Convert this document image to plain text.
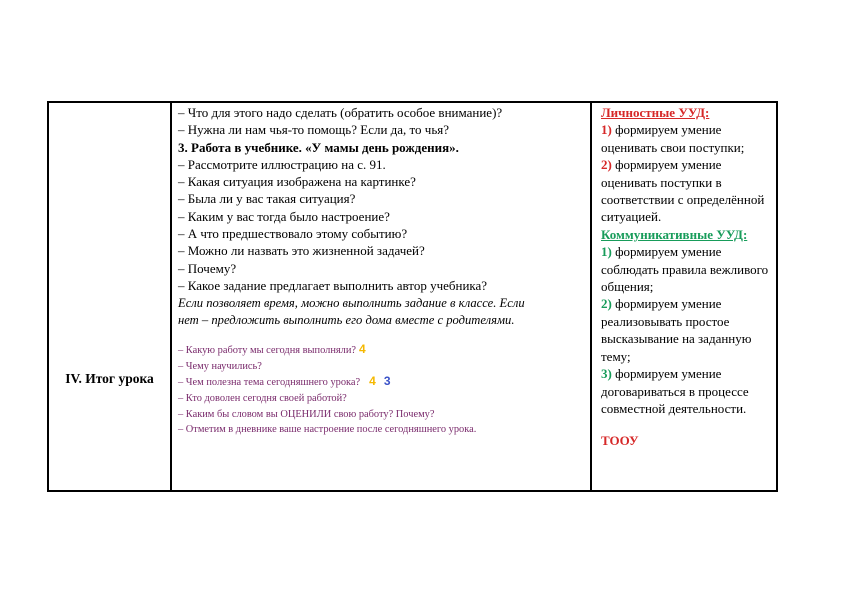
IV. Итог урока
– Что для этого надо сделать (обратить особое внимание)?
– Нужна ли нам чья-то помощь? Если да, то чья?
3. Работа в учебнике. «У мамы день рождения».
– Рассмотрите иллюстрацию на с. 91.
– Какая ситуация изображена на картинке?
– Была ли у вас такая ситуация?
– Каким у вас тогда было настроение?
– А что предшествовало этому событию?
– Можно ли назвать это жизненной задачей?
– Почему?
– Какое задание предлагает выполнить автор учебника?
Если позволяет время, можно выполнить задание в классе. Если
нет – предложить выполнить его дома вместе с родителями.
– Какую работу мы сегодня выполняли? 4
– Чему научились?
– Чем полезна тема сегодняшнего урока? 4 3
– Кто доволен сегодня своей работой?
– Каким бы словом вы ОЦЕНИЛИ свою работу? Почему?
– Отметим в дневнике ваше настроение после сегодняшнего урока.
Личностные УУД:
1) формируем умение оценивать свои поступки;
2) формируем умение оценивать поступки в соответствии с определённой ситуацией.
Коммуникативные УУД:
1) формируем умение соблюдать правила вежливого общения;
2) формируем умение реализовывать простое высказывание на заданную тему;
3) формируем умение договариваться в процессе совместной деятельности.
ТООУ
